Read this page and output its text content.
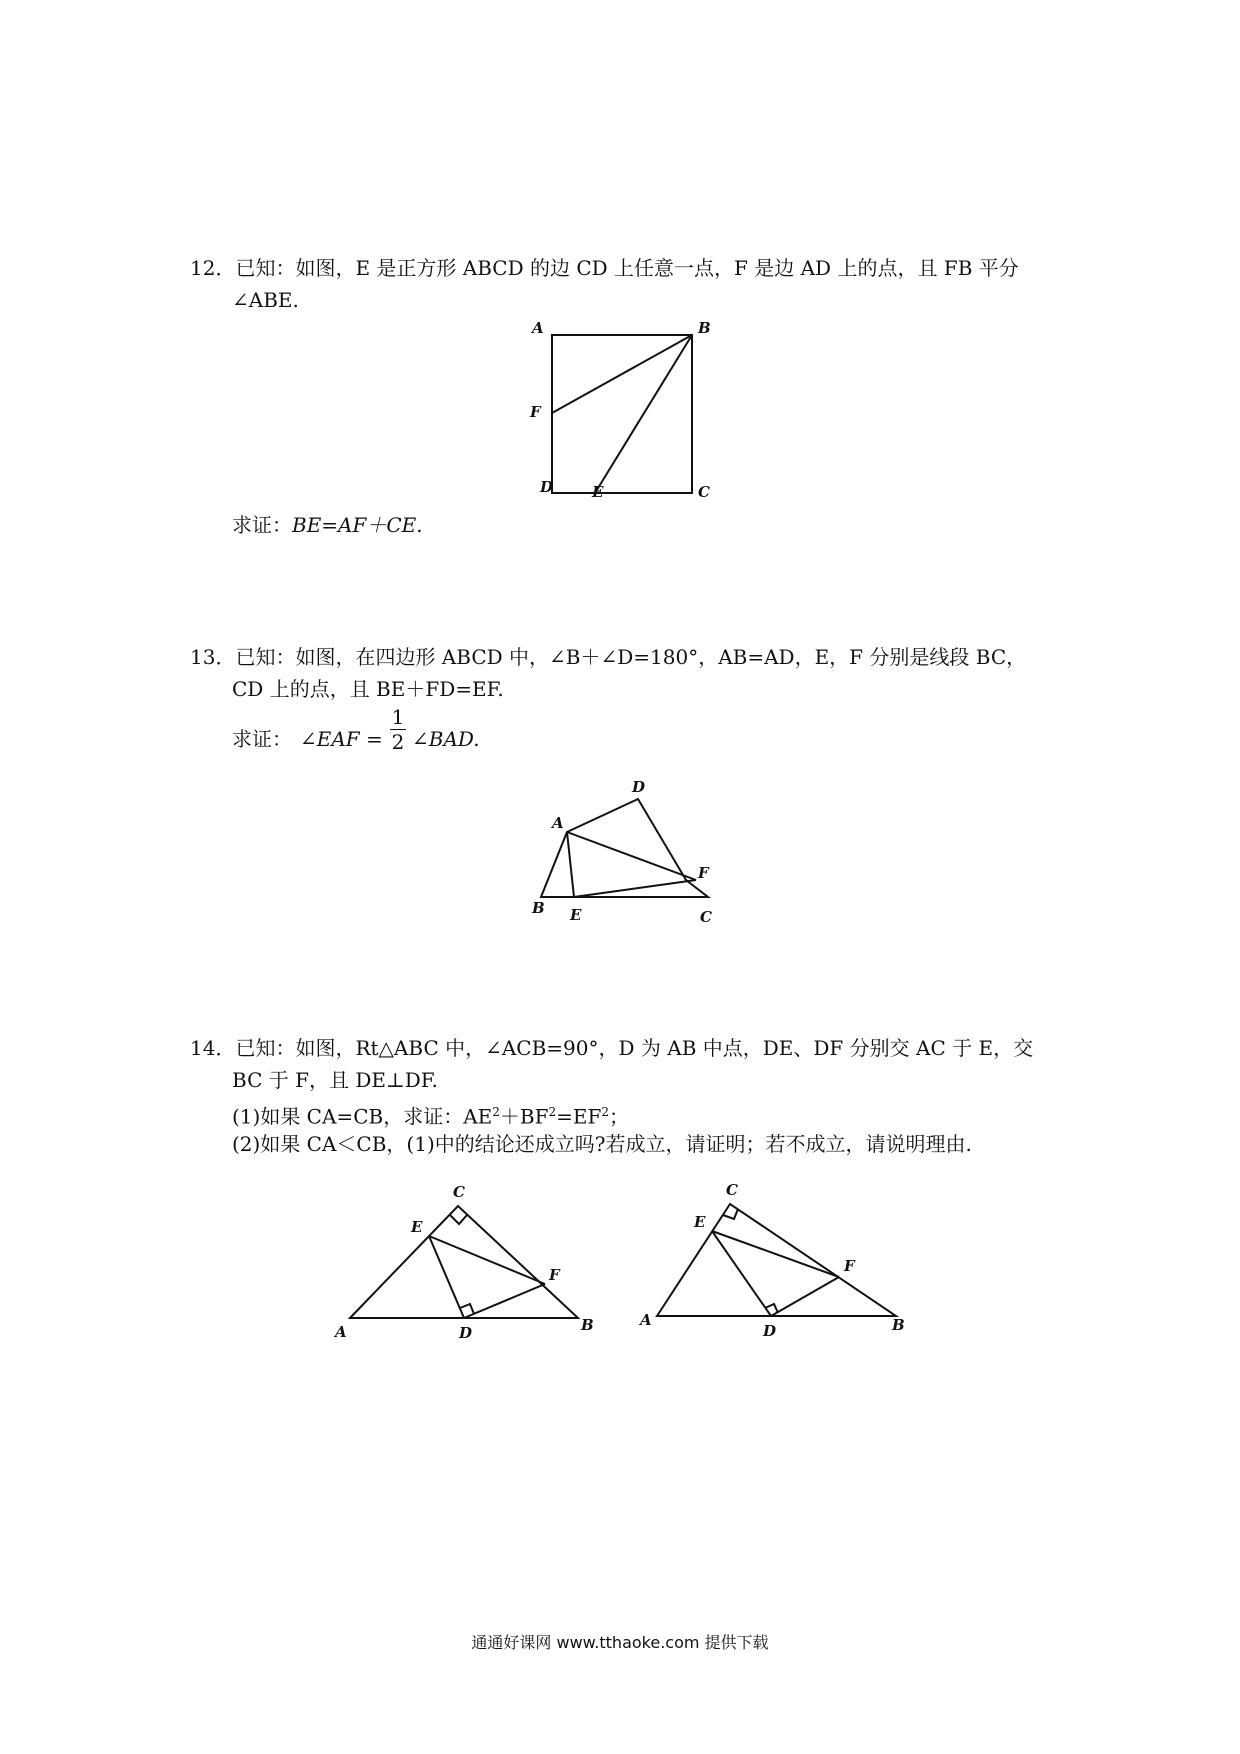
12．已知：如图，E 是正方形 ABCD 的边 CD 上任意一点，F 是边 AD 上的点，且 FB 平分
∠ABE.
A	B
F
D	E	C
求证：BE=AF＋CE.
13．已知：如图，在四边形 ABCD 中，∠B＋∠D=180°，AB=AD，E，F 分别是线段 BC，
CD 上的点，且 BE＋FD=EF.
求证： ∠EAF =
1
2 ∠BAD.
D
A
F
B E	C
14．已知：如图，Rt△ABC 中，∠ACB=90°，D 为 AB 中点，DE、DF 分别交 AC 于 E，交
BC 于 F，且 DE⊥DF.
(1)如果 CA=CB，求证：$AE^2+BF^2=EF^2$；
(2)如果 CA＜CB，(1)中的结论还成立吗?若成立，请证明；若不成立，请说明理由.
C
E
F
A	D	B
C
E
F
A
D	B
通通好课网 www.tthaoke.com 提供下载
